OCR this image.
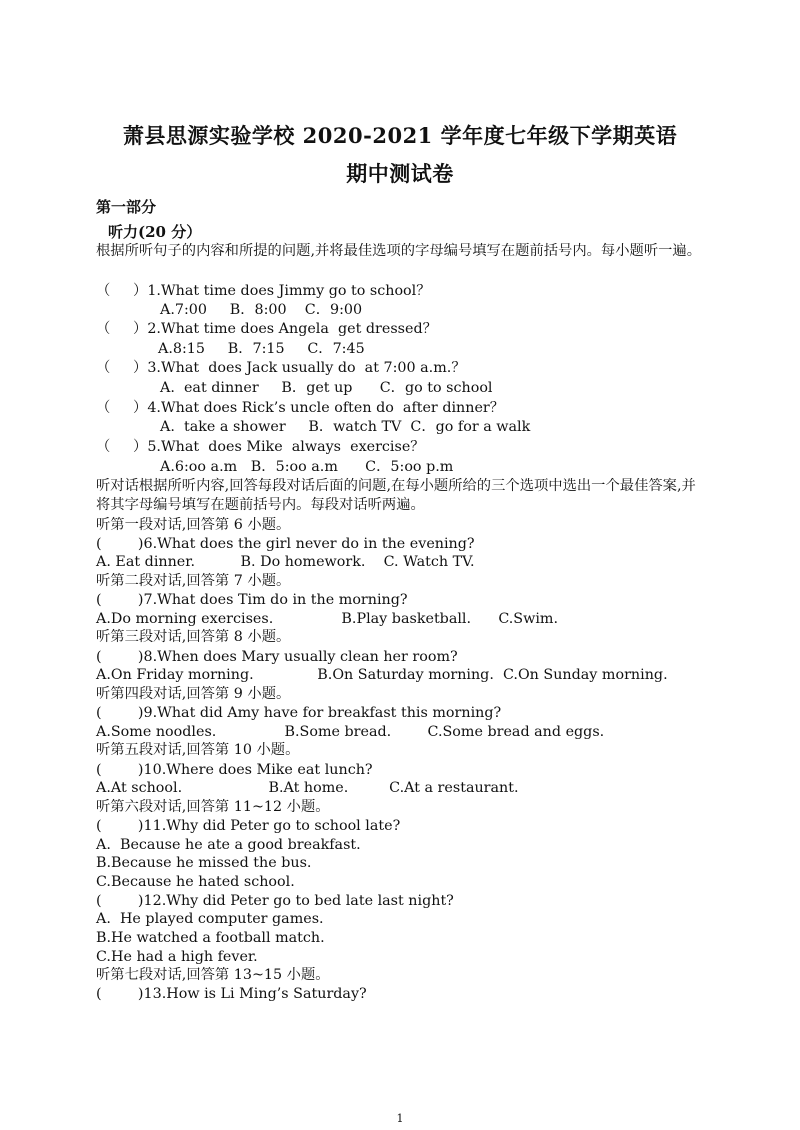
萧县思源实验学校 2020-2021 学年度七年级下学期英语
期中测试卷
第一部分
听力(20 分）
根据所听句子的内容和所提的问题,并将最佳选项的字母编号填写在题前括号内。每小题听一遍。
（     ）1.What time does Jimmy go to school？
A.7:00     B．8:00    C．9:00
（     ）2.What time does Angela  get dressed？
A.8:15     B．7:15     C．7:45
（     ）3.What  does Jack usually do  at 7:00 a.m.？
A.  eat dinner     B．get up      C．go to school
（     ）4.What does Rick’s uncle often do  after dinner？
A.  take a shower     B．watch TV  C．go for a walk
（     ）5.What  does Mike  always  exercise？
A.6:oo a.m   B．5:oo a.m      C．5:oo p.m
听对话根据所听内容,回答每段对话后面的问题,在每小题所给的三个选项中选出一个最佳答案,并将其字母编号填写在题前括号内。每段对话听两遍。
听第一段对话,回答第 6 小题。
(        )6.What does the girl never do in the evening?
A. Eat dinner.          B. Do homework.    C. Watch TV.
听第二段对话,回答第 7 小题。
(        )7.What does Tim do in the morning?
A.Do morning exercises.               B.Play basketball.      C.Swim.
听第三段对话,回答第 8 小题。
(        )8.When does Mary usually clean her room?
A.On Friday morning.              B.On Saturday morning.  C.On Sunday morning.
听第四段对话,回答第 9 小题。
(        )9.What did Amy have for breakfast this morning?
A.Some noodles.               B.Some bread.        C.Some bread and eggs.
听第五段对话,回答第 10 小题。
(        )10.Where does Mike eat lunch?
A.At school.                   B.At home.         C.At a restaurant.
听第六段对话,回答第 11~12 小题。
(        )11.Why did Peter go to school late?
A.  Because he ate a good breakfast.
B.Because he missed the bus.
C.Because he hated school.
(        )12.Why did Peter go to bed late last night?
A.  He played computer games.
B.He watched a football match.
C.He had a high fever.
听第七段对话,回答第 13~15 小题。
(        )13.How is Li Ming’s Saturday?
1
